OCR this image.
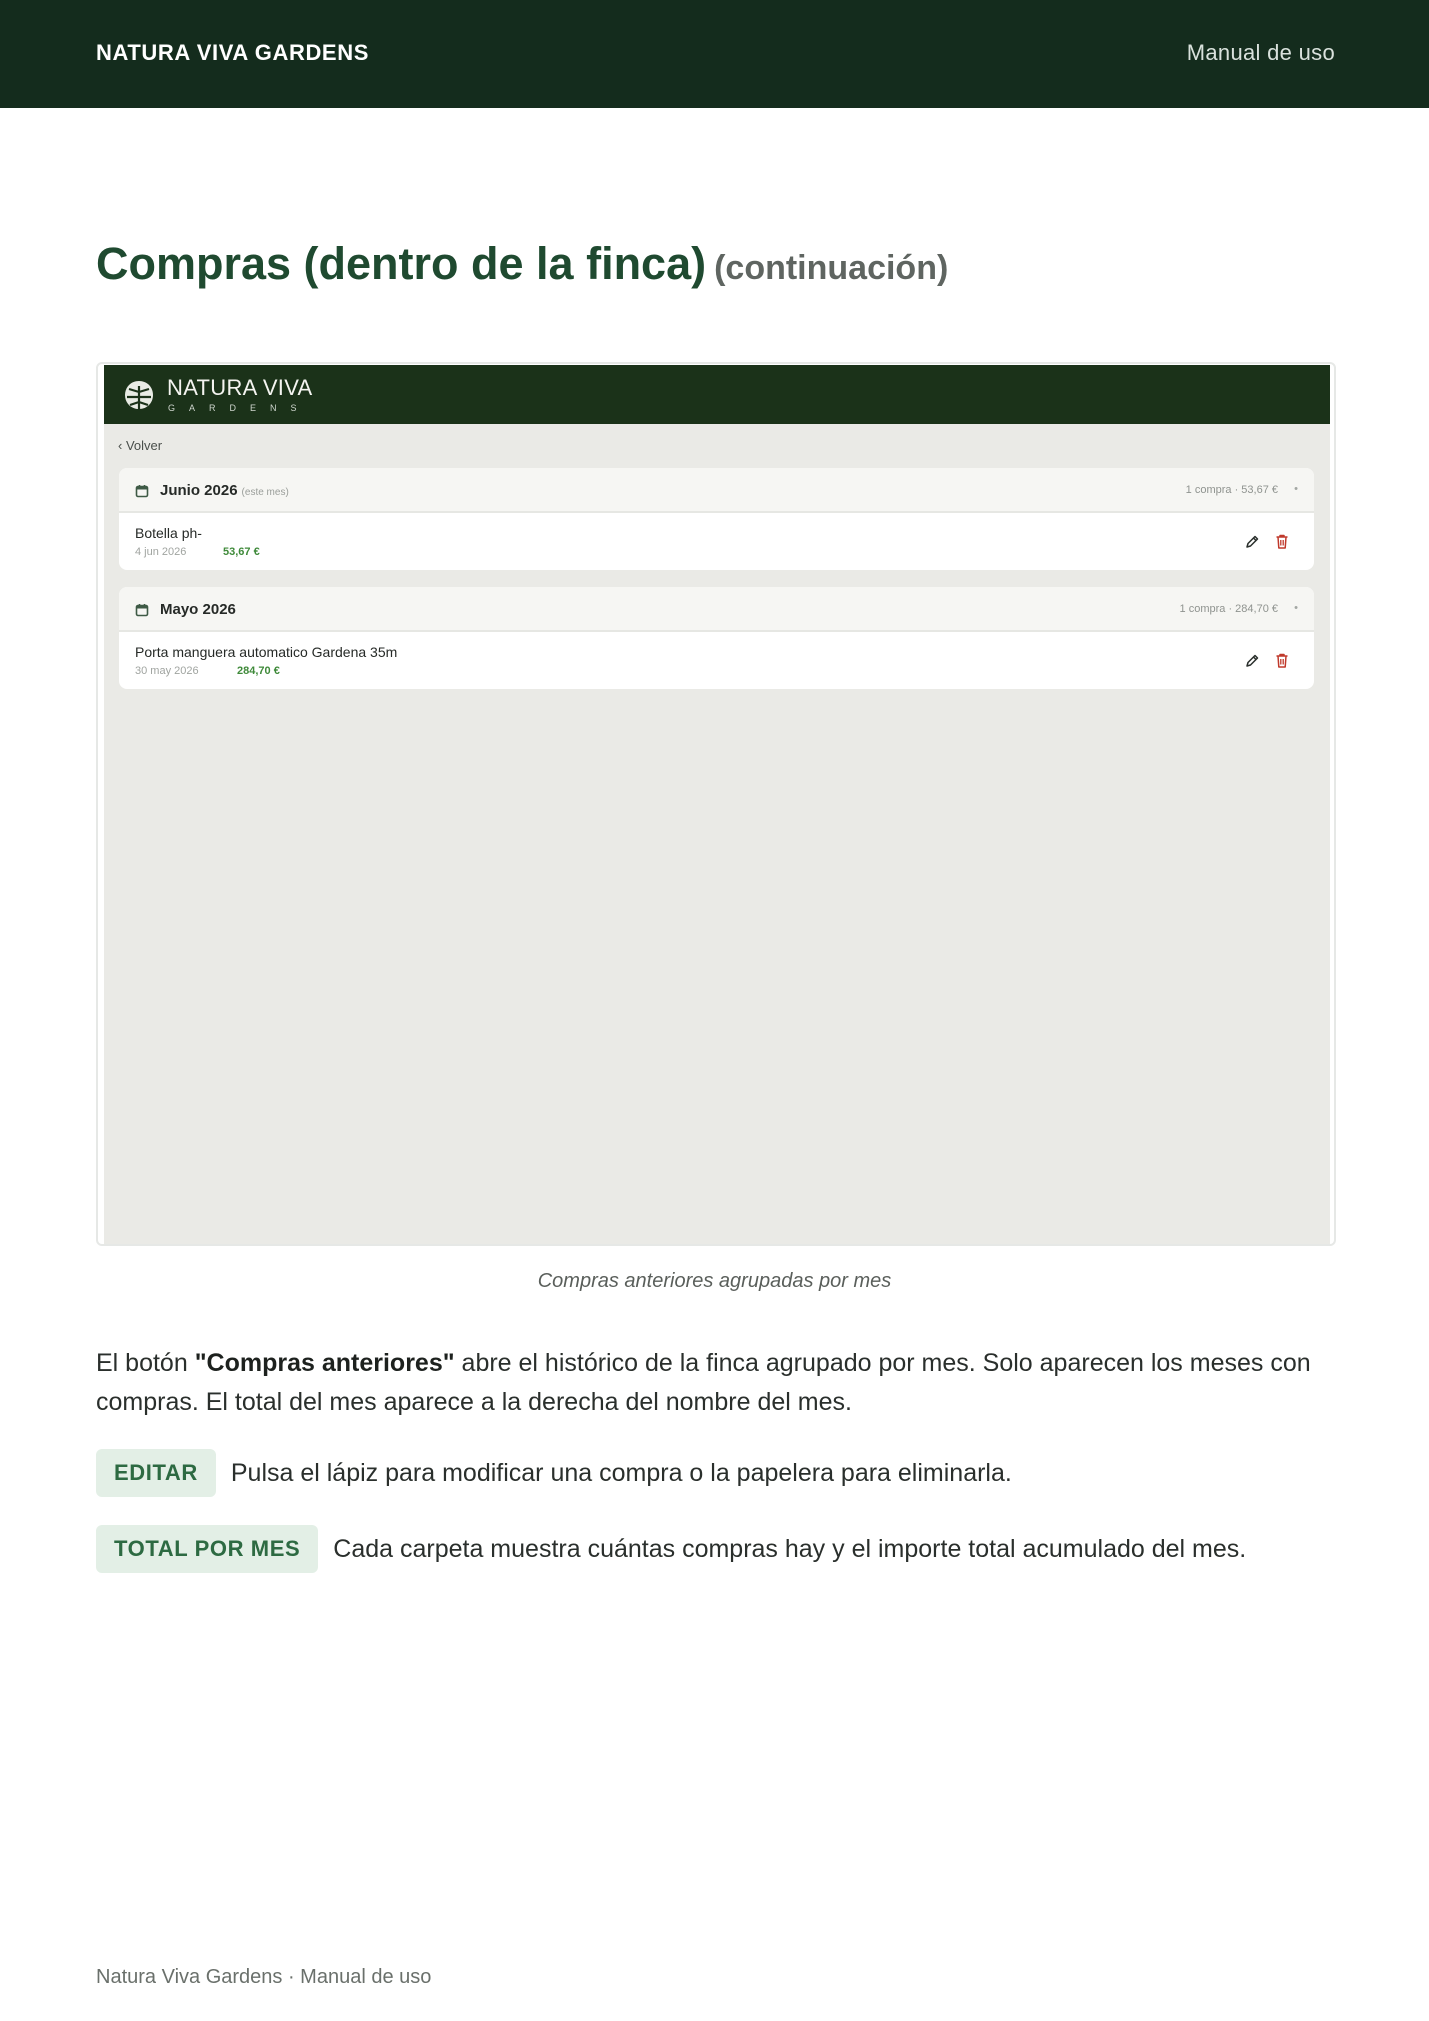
NATURA VIVA GARDENS	Manual de uso
Compras (dentro de la finca) (continuación)
NATURA VIVA
GARDENS
‹ Volver
Junio 2026 (este mes)	1 compra · 53,67 € •
Botella ph-
4 jun 2026	53,67 €
Mayo 2026	1 compra · 284,70 € •
Porta manguera automatico Gardena 35m
30 may 2026	284,70 €
Compras anteriores agrupadas por mes

El botón "Compras anteriores" abre el histórico de la finca agrupado por mes. Solo aparecen los meses con compras. El total del mes aparece a la derecha del nombre del mes.

EDITAR	Pulsa el lápiz para modificar una compra o la papelera para eliminarla.
TOTAL POR MES	Cada carpeta muestra cuántas compras hay y el importe total acumulado del mes.
Natura Viva Gardens · Manual de uso
